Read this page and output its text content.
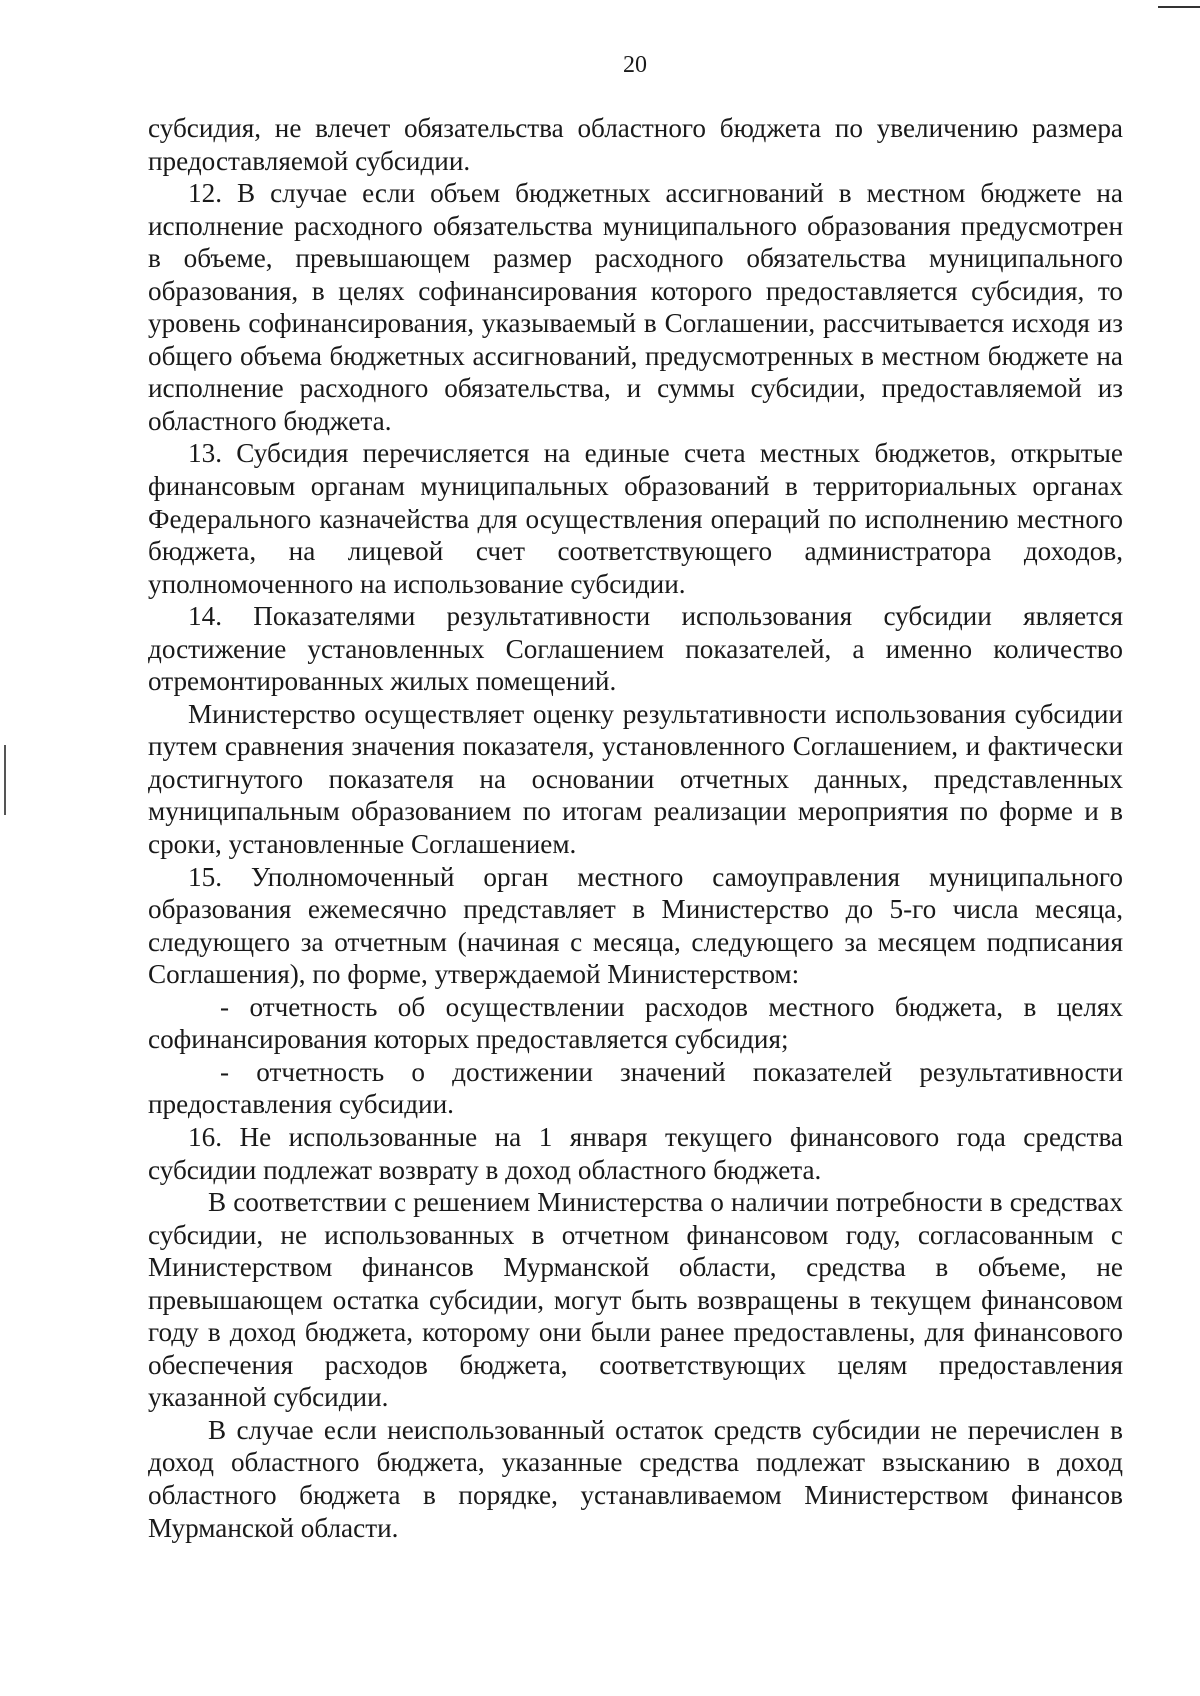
20

субсидия, не влечет обязательства областного бюджета по увеличению размера предоставляемой субсидии.

12. В случае если объем бюджетных ассигнований в местном бюджете на исполнение расходного обязательства муниципального образования предусмотрен в объеме, превышающем размер расходного обязательства муниципального образования, в целях софинансирования которого предоставляется субсидия, то уровень софинансирования, указываемый в Соглашении, рассчитывается исходя из общего объема бюджетных ассигнований, предусмотренных в местном бюджете на исполнение расходного обязательства, и суммы субсидии, предоставляемой из областного бюджета.

13. Субсидия перечисляется на единые счета местных бюджетов, открытые финансовым органам муниципальных образований в территориальных органах Федерального казначейства для осуществления операций по исполнению местного бюджета, на лицевой счет соответствующего администратора доходов, уполномоченного на использование субсидии.

14. Показателями результативности использования субсидии является достижение установленных Соглашением показателей, а именно количество отремонтированных жилых помещений.

Министерство осуществляет оценку результативности использования субсидии путем сравнения значения показателя, установленного Соглашением, и фактически достигнутого показателя на основании отчетных данных, представленных муниципальным образованием по итогам реализации мероприятия по форме и в сроки, установленные Соглашением.

15. Уполномоченный орган местного самоуправления муниципального образования ежемесячно представляет в Министерство до 5-го числа месяца, следующего за отчетным (начиная с месяца, следующего за месяцем подписания Соглашения), по форме, утверждаемой Министерством:

- отчетность об осуществлении расходов местного бюджета, в целях софинансирования которых предоставляется субсидия;

- отчетность о достижении значений показателей результативности предоставления субсидии.

16. Не использованные на 1 января текущего финансового года средства субсидии подлежат возврату в доход областного бюджета.

В соответствии с решением Министерства о наличии потребности в средствах субсидии, не использованных в отчетном финансовом году, согласованным с Министерством финансов Мурманской области, средства в объеме, не превышающем остатка субсидии, могут быть возвращены в текущем финансовом году в доход бюджета, которому они были ранее предоставлены, для финансового обеспечения расходов бюджета, соответствующих целям предоставления указанной субсидии.

В случае если неиспользованный остаток средств субсидии не перечислен в доход областного бюджета, указанные средства подлежат взысканию в доход областного бюджета в порядке, устанавливаемом Министерством финансов Мурманской области.
